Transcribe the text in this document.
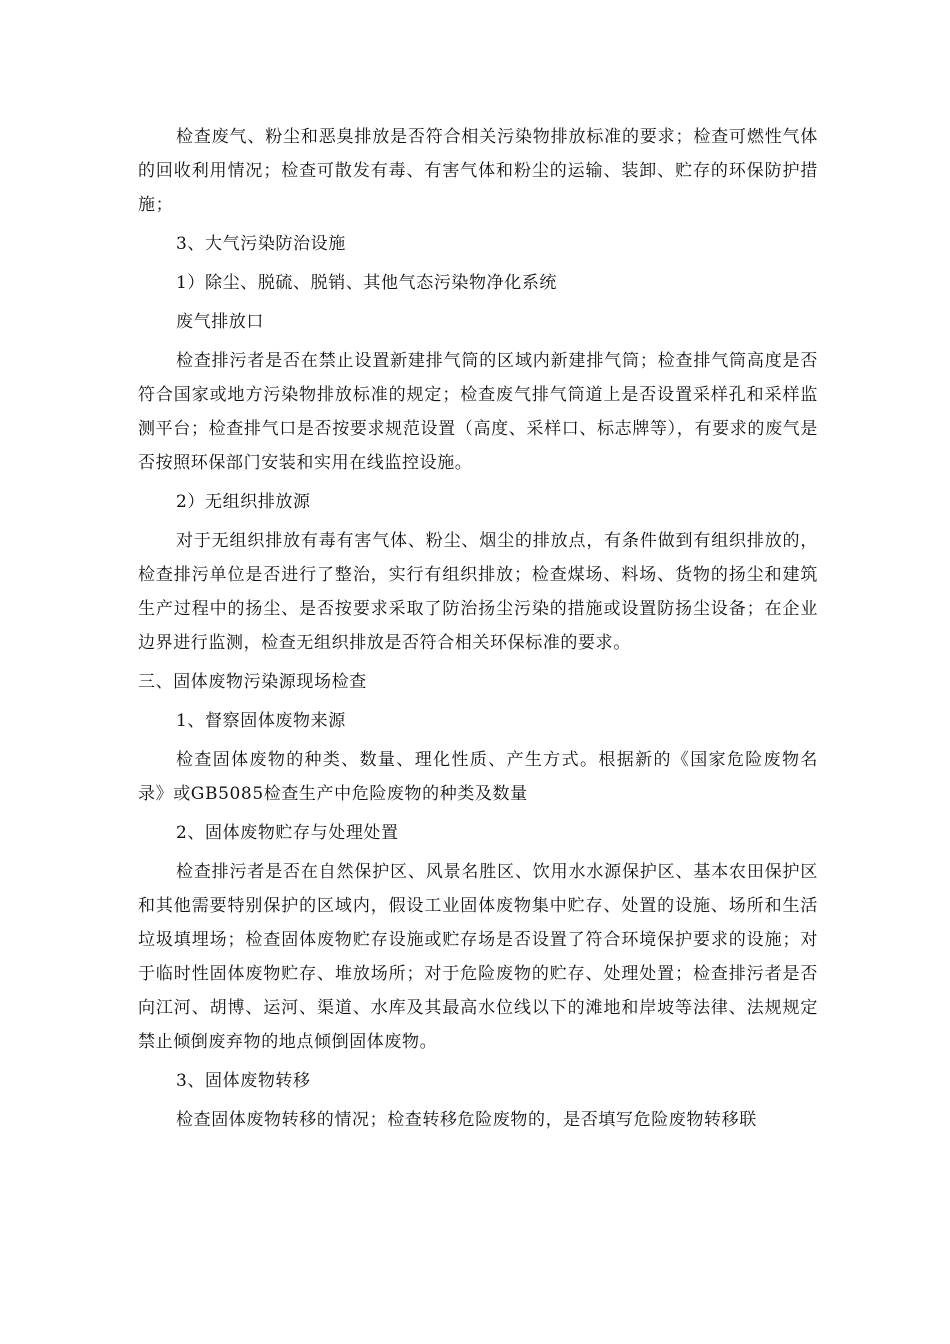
检查废气、粉尘和恶臭排放是否符合相关污染物排放标准的要求；检查可燃性气体的回收利用情况；检查可散发有毒、有害气体和粉尘的运输、装卸、贮存的环保防护措施；

3、大气污染防治设施

1）除尘、脱硫、脱销、其他气态污染物净化系统

废气排放口

检查排污者是否在禁止设置新建排气筒的区域内新建排气筒；检查排气筒高度是否符合国家或地方污染物排放标准的规定；检查废气排气筒道上是否设置采样孔和采样监测平台；检查排气口是否按要求规范设置（高度、采样口、标志牌等），有要求的废气是否按照环保部门安装和实用在线监控设施。

2）无组织排放源

对于无组织排放有毒有害气体、粉尘、烟尘的排放点，有条件做到有组织排放的，检查排污单位是否进行了整治，实行有组织排放；检查煤场、料场、货物的扬尘和建筑生产过程中的扬尘、是否按要求采取了防治扬尘污染的措施或设置防扬尘设备；在企业边界进行监测，检查无组织排放是否符合相关环保标准的要求。

三、固体废物污染源现场检查

1、督察固体废物来源

检查固体废物的种类、数量、理化性质、产生方式。根据新的《国家危险废物名录》或GB5085检查生产中危险废物的种类及数量

2、固体废物贮存与处理处置

检查排污者是否在自然保护区、风景名胜区、饮用水水源保护区、基本农田保护区和其他需要特别保护的区域内，假设工业固体废物集中贮存、处置的设施、场所和生活垃圾填埋场；检查固体废物贮存设施或贮存场是否设置了符合环境保护要求的设施；对于临时性固体废物贮存、堆放场所；对于危险废物的贮存、处理处置；检查排污者是否向江河、胡博、运河、渠道、水库及其最高水位线以下的滩地和岸坡等法律、法规规定禁止倾倒废弃物的地点倾倒固体废物。

3、固体废物转移

检查固体废物转移的情况；检查转移危险废物的，是否填写危险废物转移联
